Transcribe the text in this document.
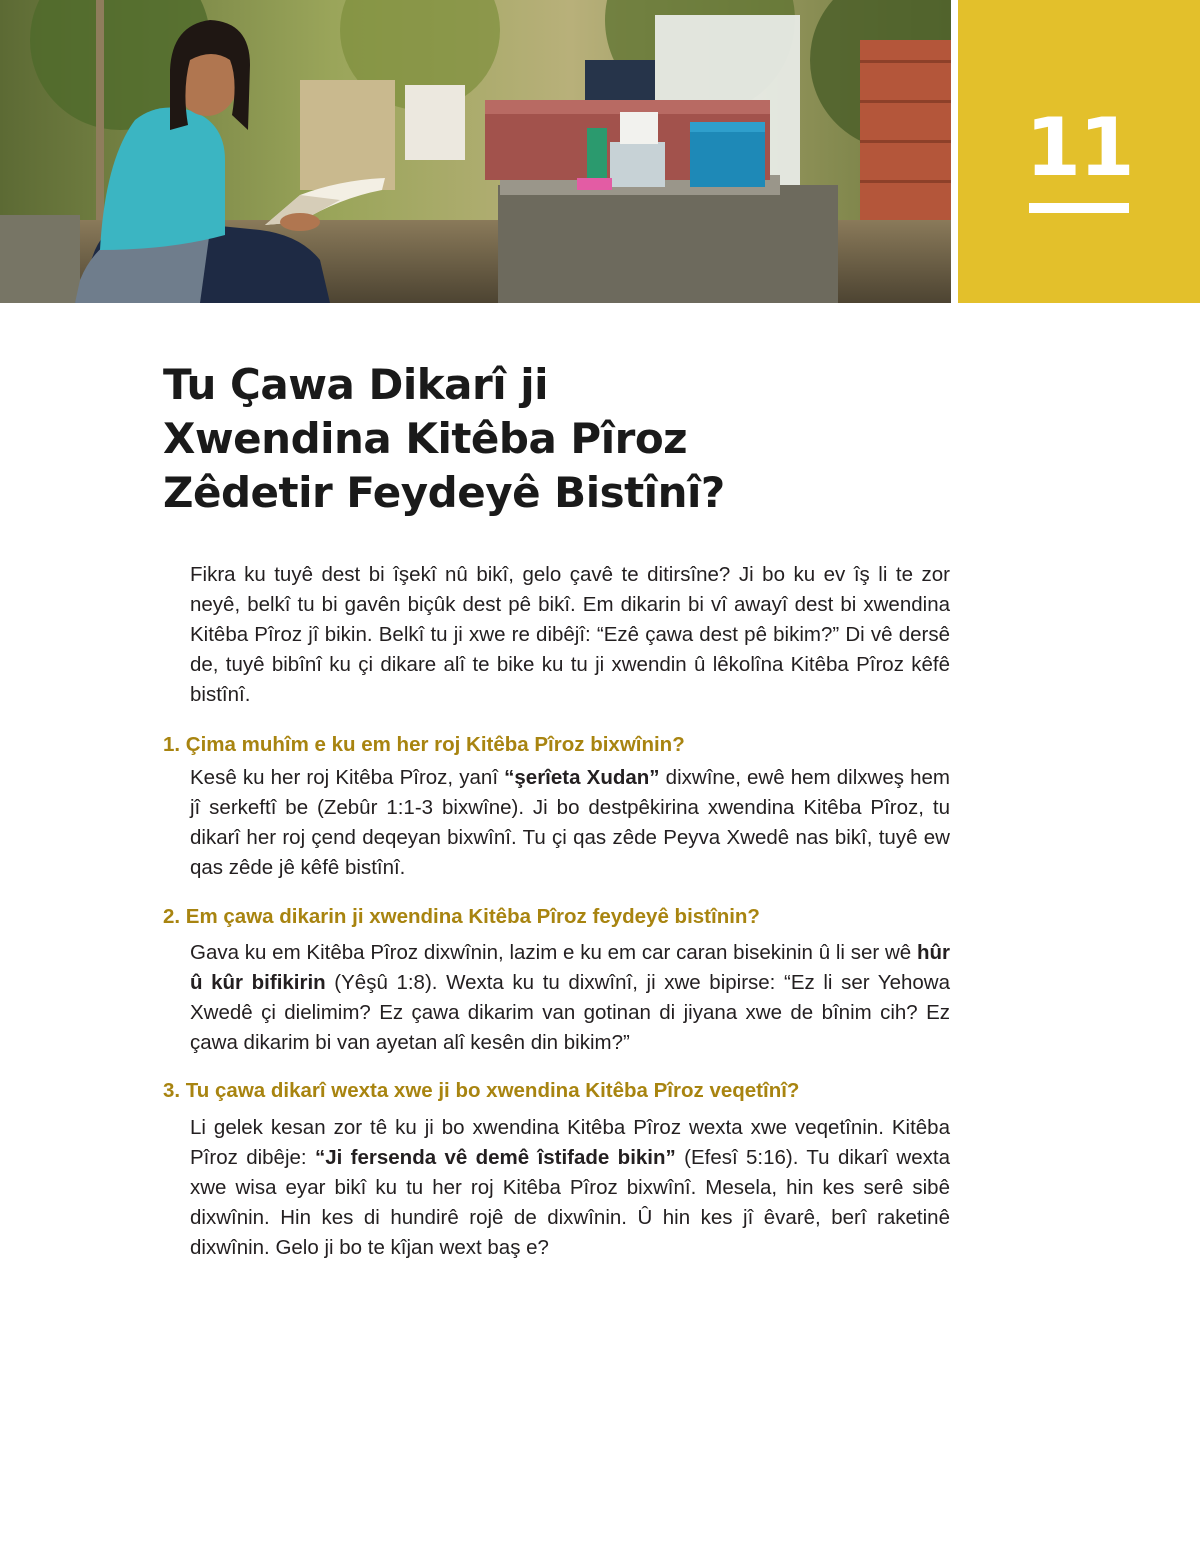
11
Tu Çawa Dikarî ji
Xwendina Kitêba Pîroz
Zêdetir Feydeyê Bistînî?

Fikra ku tuyê dest bi îşekî nû bikî, gelo çavê te ditirsîne? Ji bo ku ev îş li te zor neyê, belkî tu bi gavên biçûk dest pê bikî. Em dikarin bi vî awayî dest bi xwendina Kitêba Pîroz jî bikin. Belkî tu ji xwe re dibêjî: “Ezê çawa dest pê bikim?” Di vê dersê de, tuyê bibînî ku çi dikare alî te bike ku tu ji xwendin û lêkolîna Kitêba Pîroz kêfê bistînî.

1. Çima muhîm e ku em her roj Kitêba Pîroz bixwînin?

Kesê ku her roj Kitêba Pîroz, yanî “şerîeta Xudan” dixwîne, ewê hem dilxweş hem jî serkeftî be (Zebûr 1:1-3 bixwîne). Ji bo destpêkirina xwendina Kitêba Pîroz, tu dikarî her roj çend deqeyan bixwînî. Tu çi qas zêde Peyva Xwedê nas bikî, tuyê ew qas zêde jê kêfê bistînî.

2. Em çawa dikarin ji xwendina Kitêba Pîroz feydeyê bistînin?

Gava ku em Kitêba Pîroz dixwînin, lazim e ku em car caran bisekinin û li ser wê hûr û kûr bifikirin (Yêşû 1:8). Wexta ku tu dixwînî, ji xwe bipirse: “Ez li ser Yehowa Xwedê çi dielimim? Ez çawa dikarim van gotinan di jiyana xwe de bînim cih? Ez çawa dikarim bi van ayetan alî kesên din bikim?”

3. Tu çawa dikarî wexta xwe ji bo xwendina Kitêba Pîroz veqetînî?

Li gelek kesan zor tê ku ji bo xwendina Kitêba Pîroz wexta xwe veqetînin. Kitêba Pîroz dibêje: “Ji fersenda vê demê îstifade bikin” (Efesî 5:16). Tu dikarî wexta xwe wisa eyar bikî ku tu her roj Kitêba Pîroz bixwînî. Mesela, hin kes serê sibê dixwînin. Hin kes di hundirê rojê de dixwînin. Û hin kes jî êvarê, berî raketinê dixwînin. Gelo ji bo te kîjan wext baş e?
